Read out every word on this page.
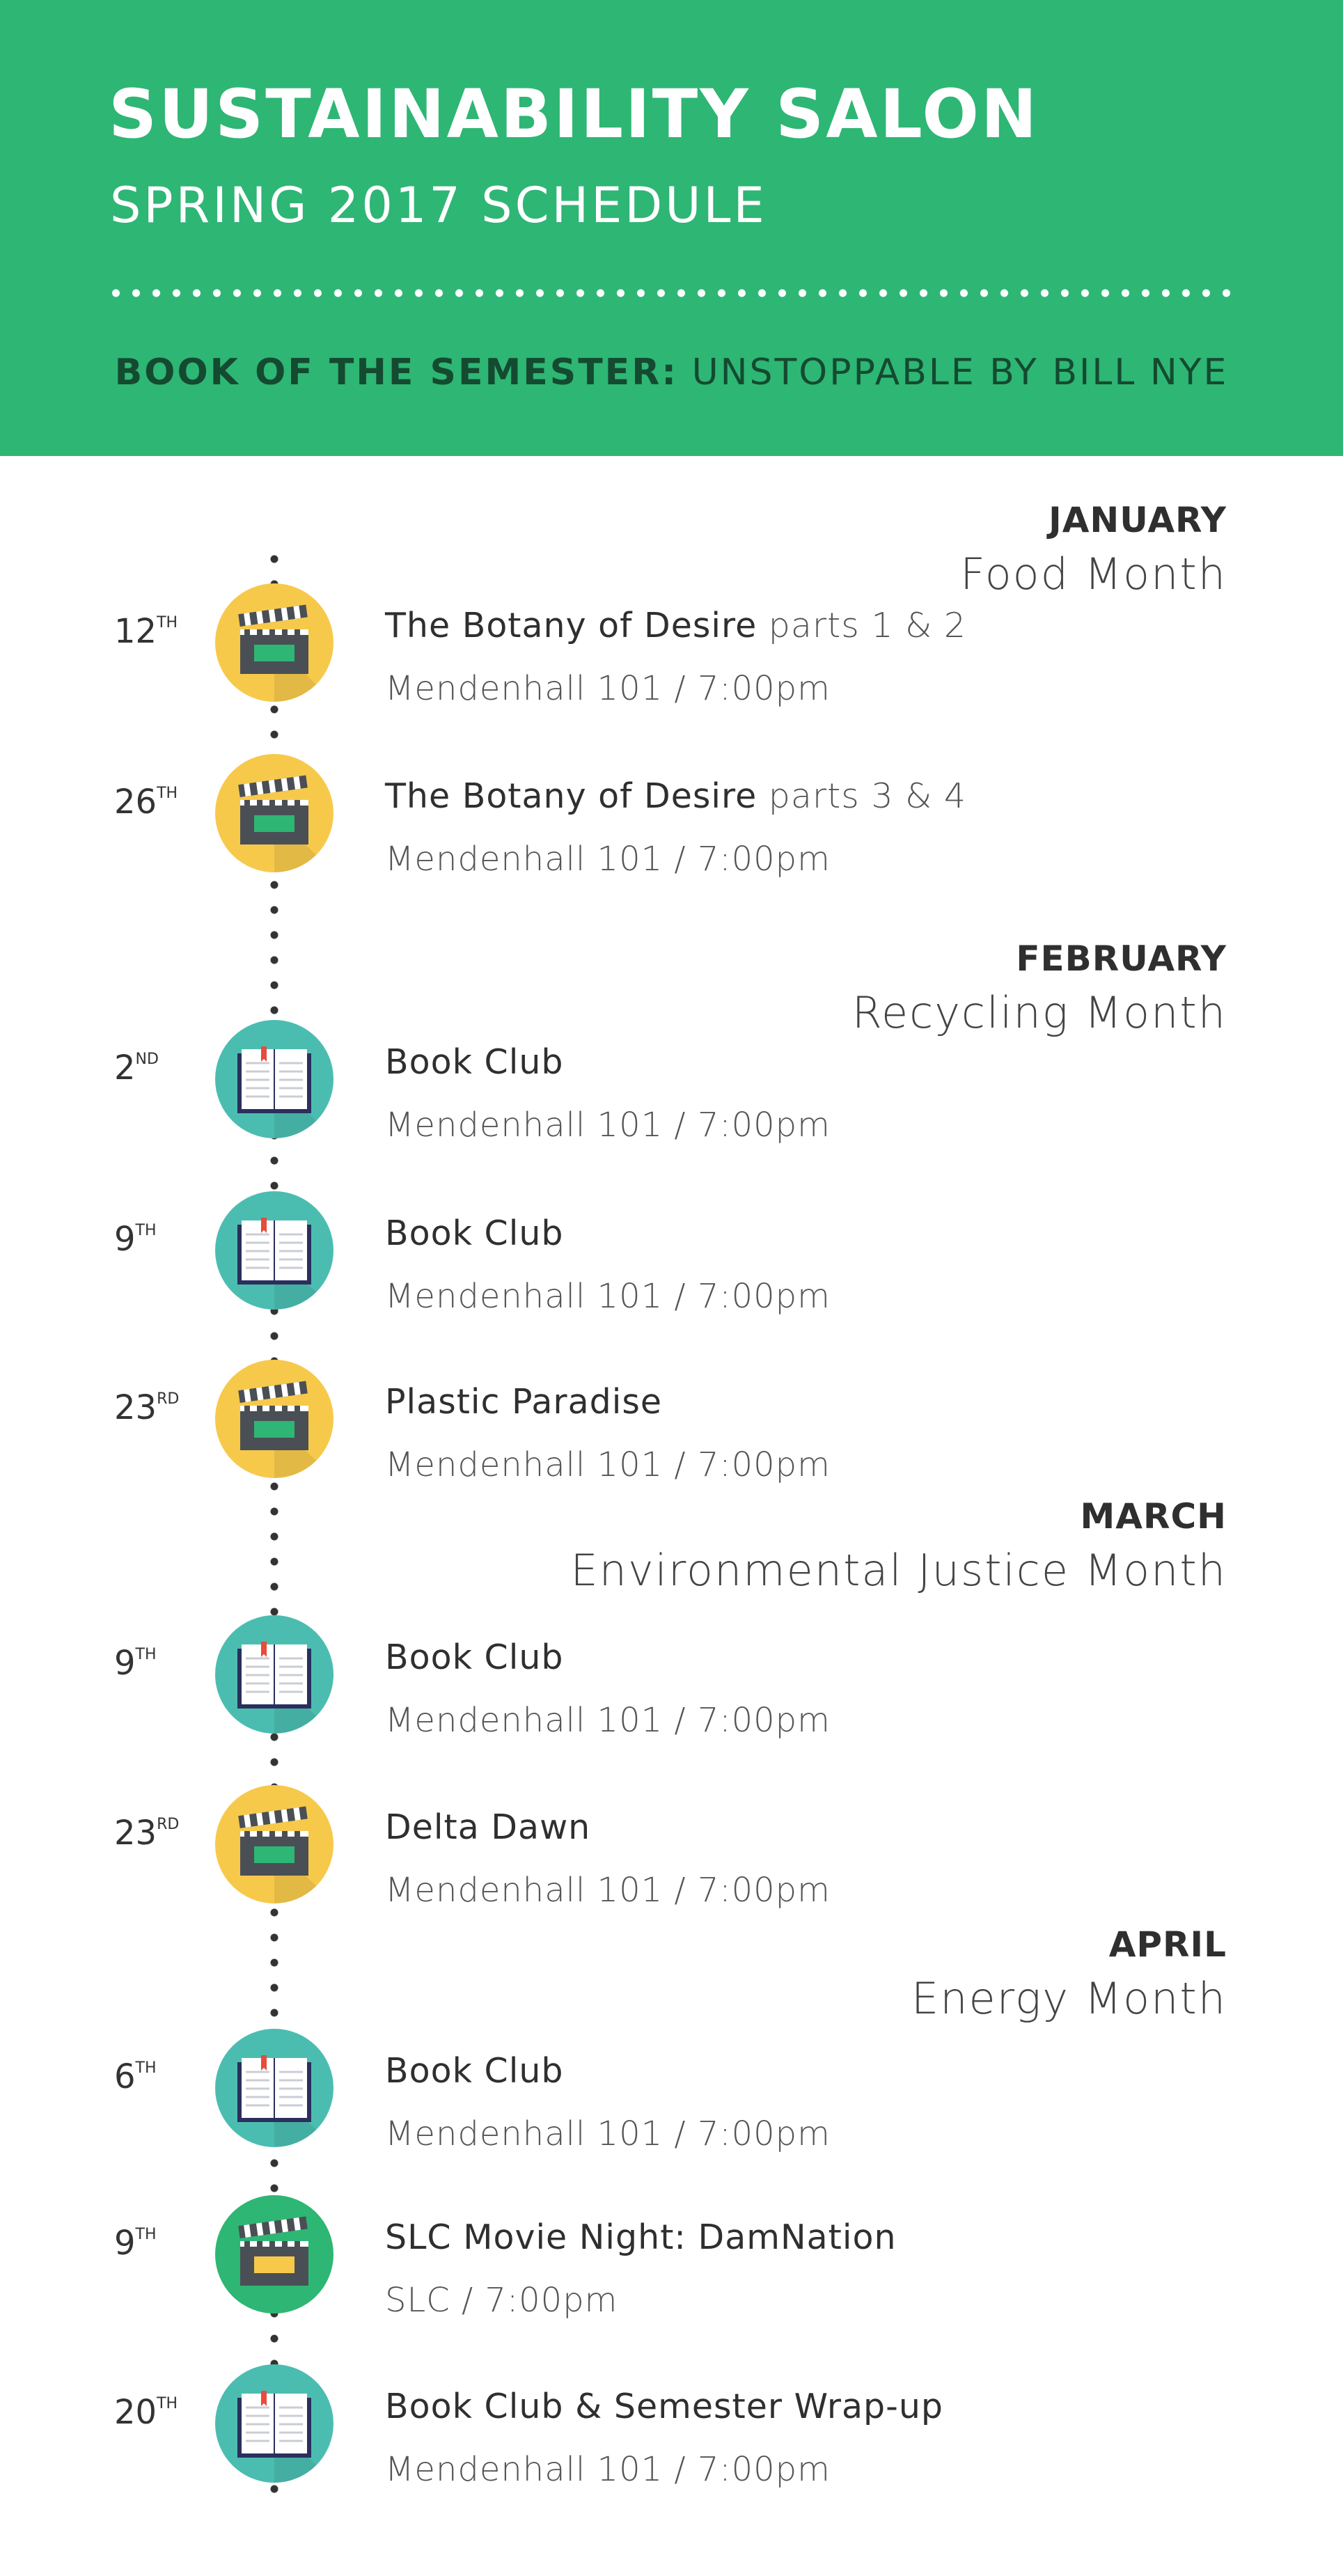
SUSTAINABILITY SALON
SPRING 2017 SCHEDULE
BOOK OF THE SEMESTER: UNSTOPPABLE BY BILL NYE
JANUARY
Food Month
FEBRUARY
Recycling Month
MARCH
Environmental Justice Month
APRIL
Energy Month
12TH	The Botany of Desire parts 1 & 2
Mendenhall 101 / 7:00pm
26TH	The Botany of Desire parts 3 & 4
Mendenhall 101 / 7:00pm
2ND	Book Club
Mendenhall 101 / 7:00pm
9TH	Book Club
Mendenhall 101 / 7:00pm
23RD	Plastic Paradise
Mendenhall 101 / 7:00pm
9TH	Book Club
Mendenhall 101 / 7:00pm
23RD	Delta Dawn
Mendenhall 101 / 7:00pm
6TH	Book Club
Mendenhall 101 / 7:00pm
9TH	SLC Movie Night: DamNation
SLC / 7:00pm
20TH	Book Club & Semester Wrap-up
Mendenhall 101 / 7:00pm
